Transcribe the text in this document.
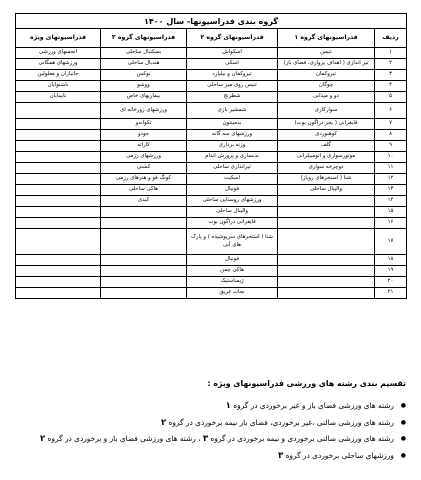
گروه بندی فدراسیونها- سال ۱۴۰۰				
ردیف	فدراسیونهای گروه ۱	فدراسیونهای گروه ۲	فدراسیونهای گروه ۳	فدراسیونهای ویژه
۱	تنیس	اسکواش	بسکتبال ساحلی	انجمنهای ورزشی
۲	تیر اندازی ( اهداف پروازی، فضای باز)	اسکی	هندبال ساحلی	ورزشهای همگانی
۳	تیروکمان	تیروکمان و بیلیارد	بوکس	جانبازان و معلولین
۴	چوگان	تنیس روی میز ساحلی	ووشو	ناشنوایان
۵	دو و میدانی	شطرنج	بیماریهای خاص	نابینایان
۶	سوارکاری	شمشیر بازی	ورزشهای زورخانه ای	
۷	قایقرانی ( بجز دراگون بوت)	بدمینتون	تکواندو	
۸	کوهنوردی	ورزشهای سه گانه	جودو	
۹	گلف	وزنه برداری	کاراته	
۱۰	موتورسواری و اتومبیلرانی	بدنسازی و پرورش اندام	ورزشهای رزمی	
۱۱	دوچرخه سواری	تیراندازی ساحلی	کشتی	
۱۲	شنا ( استخرهای روباز)	اسکیت	کونگ فو و هنرهای رزمی	
۱۳	والیبال ساحلی	فوتبال	هاکی ساحلی	
۱۴		ورزشهای روستایی ساحلی	کبدی	
۱۵		والیبال ساحلی		
۱۶		قایقرانی دراگون بوت		
۱۷		شنا ( استخرهای سرپوشیده ) و پارک های آبی		
۱۸		فوتبال		
۱۹		هاکی چمن		
۲۰		ژیمناستیک		
۲۱		نجات غریق		
تقسیم بندی رشته های ورزشی فدراسیونهای ویژه :
● رشته های ورزشی فضای باز و غیر برخوردی در گروه ۱
● رشته های ورزشی سالنی ،غیر برخوردی، فضای باز نیمه برخوردی در گروه ۲
● رشته های ورزشی سالنی برخوردی و نیمه برخوردی در گروه ۳ ، رشته های ورزشی فضای باز و برخوردی در گروه ۲
● ورزشهای ساحلی برخوردی در گروه ۳
